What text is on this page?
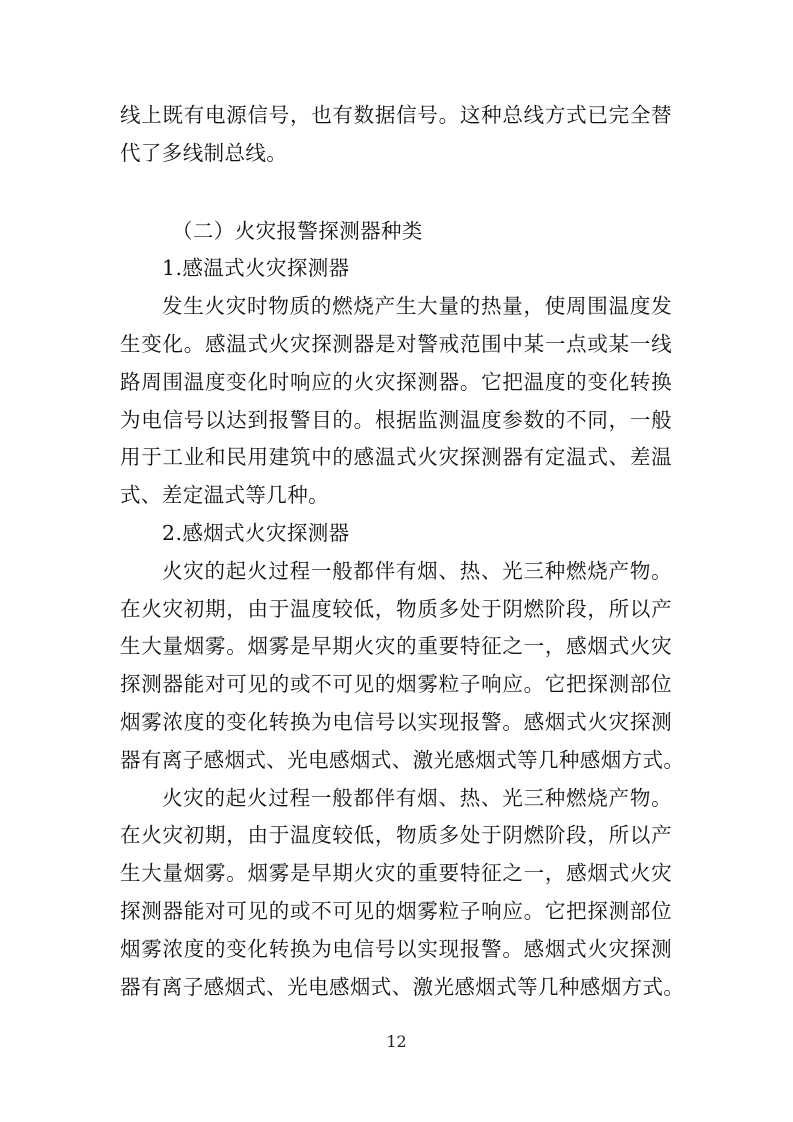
线上既有电源信号，也有数据信号。这种总线方式已完全替

代了多线制总线。

（二）火灾报警探测器种类

1.感温式火灾探测器

发生火灾时物质的燃烧产生大量的热量，使周围温度发

生变化。感温式火灾探测器是对警戒范围中某一点或某一线

路周围温度变化时响应的火灾探测器。它把温度的变化转换

为电信号以达到报警目的。根据监测温度参数的不同，一般

用于工业和民用建筑中的感温式火灾探测器有定温式、差温

式、差定温式等几种。

2.感烟式火灾探测器

火灾的起火过程一般都伴有烟、热、光三种燃烧产物。

在火灾初期，由于温度较低，物质多处于阴燃阶段，所以产

生大量烟雾。烟雾是早期火灾的重要特征之一，感烟式火灾

探测器能对可见的或不可见的烟雾粒子响应。它把探测部位

烟雾浓度的变化转换为电信号以实现报警。感烟式火灾探测

器有离子感烟式、光电感烟式、激光感烟式等几种感烟方式。

火灾的起火过程一般都伴有烟、热、光三种燃烧产物。

在火灾初期，由于温度较低，物质多处于阴燃阶段，所以产

生大量烟雾。烟雾是早期火灾的重要特征之一，感烟式火灾

探测器能对可见的或不可见的烟雾粒子响应。它把探测部位

烟雾浓度的变化转换为电信号以实现报警。感烟式火灾探测

器有离子感烟式、光电感烟式、激光感烟式等几种感烟方式。

12
